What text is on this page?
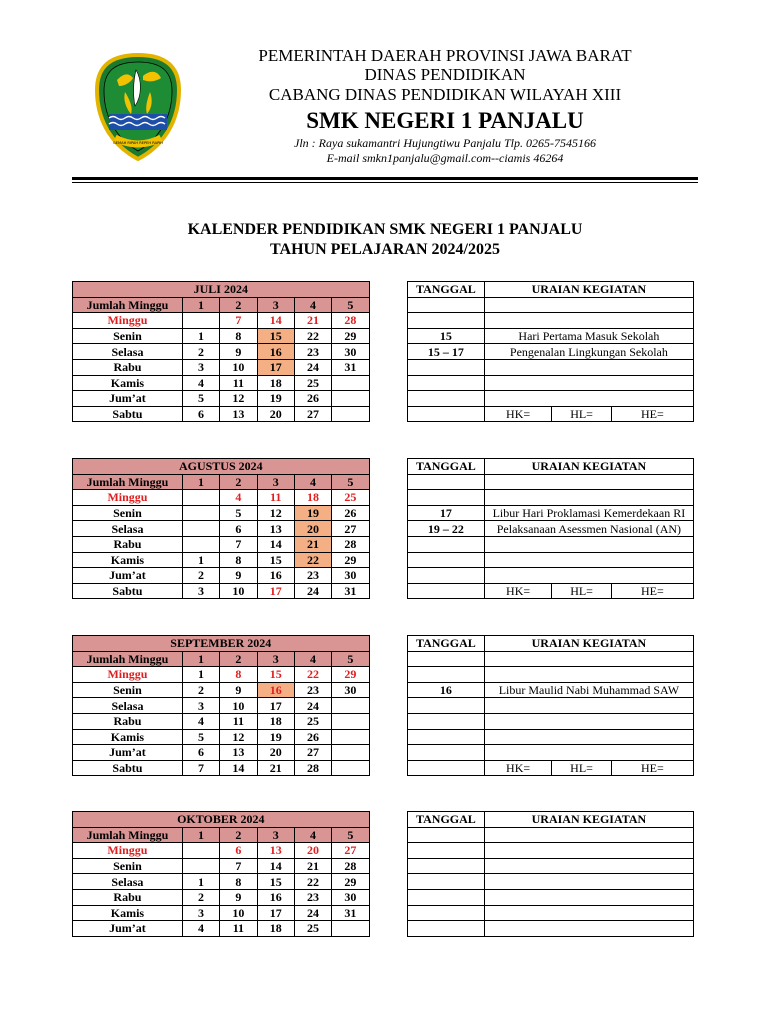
GEMAH RIPAH REPEH RAPIH
PEMERINTAH DAERAH PROVINSI JAWA BARAT
DINAS PENDIDIKAN
CABANG DINAS PENDIDIKAN WILAYAH XIII
SMK NEGERI 1 PANJALU
Jln : Raya sukamantri Hujungtiwu Panjalu Tlp. 0265-7545166
E-mail smkn1panjalu@gmail.com--ciamis 46264
KALENDER PENDIDIKAN SMK NEGERI 1 PANJALU
TAHUN PELAJARAN 2024/2025
JULI 2024		TANGGAL	URAIAN KEGIATAN
Jumlah Minggu	1	2	3	4	5			
Minggu		7	14	21	28			
Senin	1	8	15	22	29		15	Hari Pertama Masuk Sekolah
Selasa	2	9	16	23	30		15 – 17	Pengenalan Lingkungan Sekolah
Rabu	3	10	17	24	31			
Kamis	4	11	18	25				
Jum’at	5	12	19	26				
Sabtu	6	13	20	27					HK=	HL=	HE=
AGUSTUS 2024		TANGGAL	URAIAN KEGIATAN
Jumlah Minggu	1	2	3	4	5			
Minggu		4	11	18	25			
Senin		5	12	19	26		17	Libur Hari Proklamasi Kemerdekaan RI
Selasa		6	13	20	27		19 – 22	Pelaksanaan Asessmen Nasional (AN)
Rabu		7	14	21	28			
Kamis	1	8	15	22	29			
Jum’at	2	9	16	23	30			
Sabtu	3	10	17	24	31				HK=	HL=	HE=
SEPTEMBER 2024		TANGGAL	URAIAN KEGIATAN
Jumlah Minggu	1	2	3	4	5			
Minggu	1	8	15	22	29			
Senin	2	9	16	23	30		16	Libur Maulid Nabi Muhammad SAW
Selasa	3	10	17	24				
Rabu	4	11	18	25				
Kamis	5	12	19	26				
Jum’at	6	13	20	27				
Sabtu	7	14	21	28					HK=	HL=	HE=
OKTOBER 2024							TANGGAL	URAIAN KEGIATAN
Jumlah Minggu	1	2	3	4	5			
Minggu		6	13	20	27			
Senin		7	14	21	28			
Selasa	1	8	15	22	29			
Rabu	2	9	16	23	30			
Kamis	3	10	17	24	31			
Jum’at	4	11	18	25				
